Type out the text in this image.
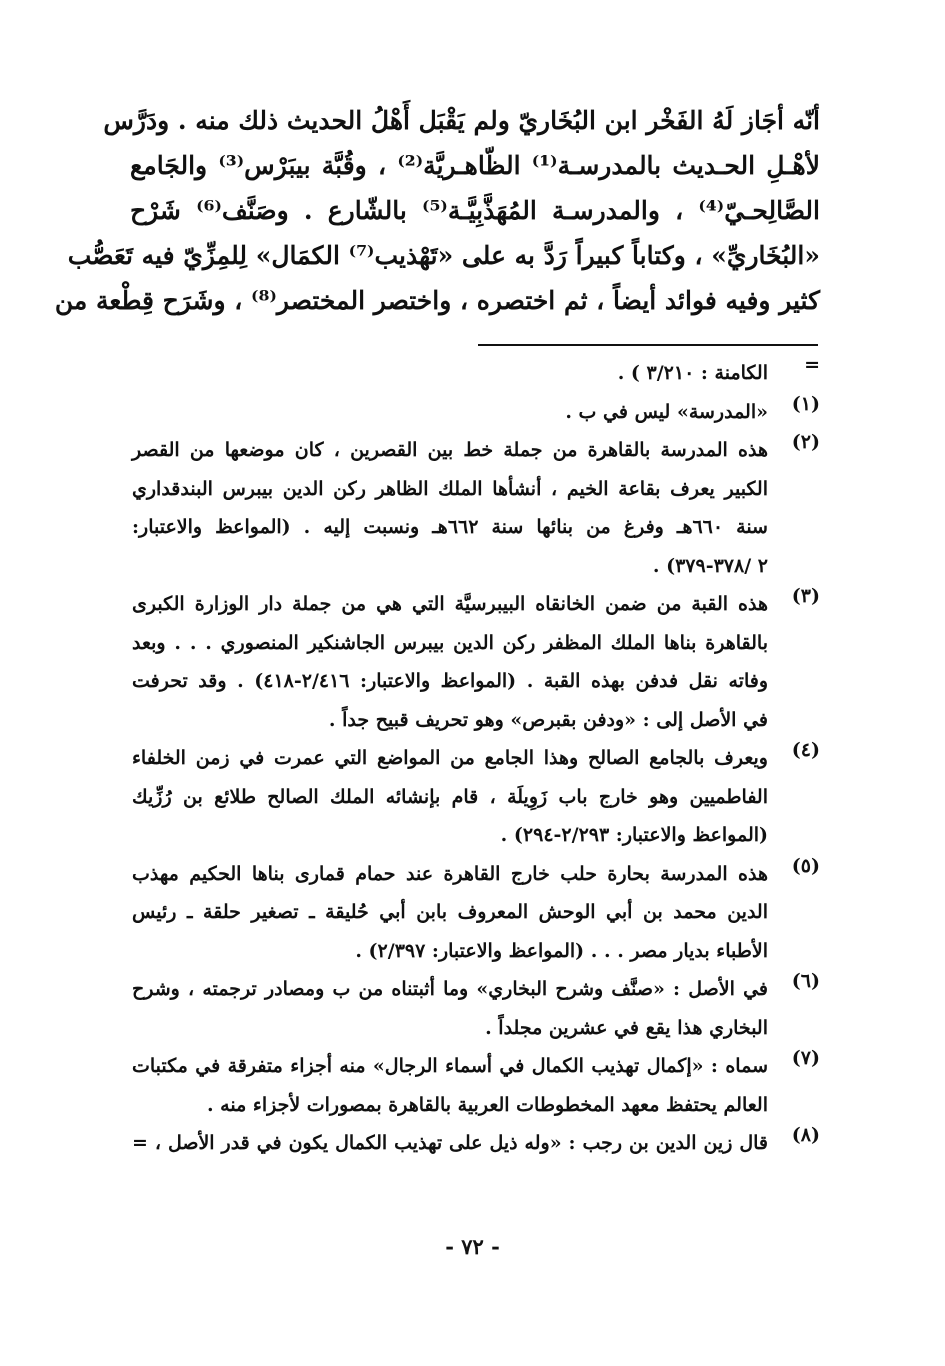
أنّه أجَاز لَهُ الفَخْر ابن البُخَاريّ ولم يَقْبَل أَهْلُ الحديث ذلك منه . ودَرَّس
لأهْـلِ الحـديث بالمدرسـة⁽¹⁾ الظّاهـريَّة⁽²⁾ ، وقُبَّة بيبَرْس⁽³⁾ والجَامع
الصَّالِحـيّ⁽⁴⁾ ، والمدرسـة المُهَذَّبِيَّـة⁽⁵⁾ بالشّارع . وصَنَّف⁽⁶⁾ شَرْح
«البُخَاريِّ» ، وكتاباً كبيراً رَدَّ به على «تَهْذيب⁽⁷⁾ الكمَال» لِلمِزِّيّ فيه تَعَصُّب
كثير وفيه فوائد أيضاً ، ثم اختصره ، واختصر المختصر⁽⁸⁾ ، وشَرَح قِطْعة من
=
الكامنة : ٣/٢١٠ ) .
(١)
«المدرسة» ليس في ب .
(٢)
هذه المدرسة بالقاهرة من جملة خط بين القصرين ، كان موضعها من القصر
الكبير يعرف بقاعة الخيم ، أنشأها الملك الظاهر ركن الدين بيبرس البندقداري
سنة ٦٦٠هـ وفرغ من بنائها سنة ٦٦٢هـ ونسبت إليه . (المواعظ والاعتبار:
٢ /٣٧٨-٣٧٩) .
(٣)
هذه القبة من ضمن الخانقاه البيبرسيَّة التي هي من جملة دار الوزارة الكبرى
بالقاهرة بناها الملك المظفر ركن الدين بيبرس الجاشنكير المنصوري . . . وبعد
وفاته نقل فدفن بهذه القبة . (المواعظ والاعتبار: ٢/٤١٦-٤١٨) . وقد تحرفت
في الأصل إلى : «ودفن بقبرص» وهو تحريف قبيح جداً .
(٤)
ويعرف بالجامع الصالح وهذا الجامع من المواضع التي عمرت في زمن الخلفاء
الفاطميين وهو خارج باب زَوِيلَة ، قام بإنشائه الملك الصالح طلائع بن رُزِّيك
(المواعظ والاعتبار: ٢/٢٩٣-٢٩٤) .
(٥)
هذه المدرسة بحارة حلب خارج القاهرة عند حمام قمارى بناها الحكيم مهذب
الدين محمد بن أبي الوحش المعروف بابن أبي حُليقة ـ تصغير حلقة ـ رئيس
الأطباء بديار مصر . . . (المواعظ والاعتبار: ٢/٣٩٧) .
(٦)
في الأصل : «صنَّف وشرح البخاري» وما أثبتناه من ب ومصادر ترجمته ، وشرح
البخاري هذا يقع في عشرين مجلداً .
(٧)
سماه : «إكمال تهذيب الكمال في أسماء الرجال» منه أجزاء متفرقة في مكتبات
العالم يحتفظ معهد المخطوطات العربية بالقاهرة بمصورات لأجزاء منه .
(٨)
قال زين الدين بن رجب : «وله ذيل على تهذيب الكمال يكون في قدر الأصل ، =
- ٧٢ -
